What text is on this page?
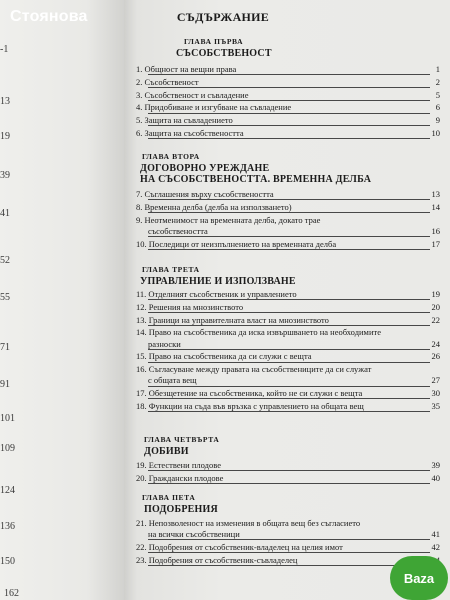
-1
13
19
39
41
52
55
71
91
101
109
124
136
150
162
Стоянова	СЪДЪРЖАНИЕ
ГЛАВА ПЪРВА
СЪСОБСТВЕНОСТ
1. Общност на вещни права	1
2. Съсобственост	2
3. Съсобственост и съвладение	5
4. Придобиване и изгубване на съвладение	6
5. Защита на съвладението	9
6. Защита на съсобствеността	10
ГЛАВА ВТОРА
ДОГОВОРНО УРЕЖДАНЕ
НА СЪСОБСТВЕНОСТТА. ВРЕМЕННА ДЕЛБА
7. Съглашения върху съсобствеността	13
8. Временна делба (делба на използването)	14
9. Неотменимост на временната делба, докато трае
съсобствеността	16
10. Последици от неизпълнението на временната делба	17
ГЛАВА ТРЕТА
УПРАВЛЕНИЕ И ИЗПОЛЗВАНЕ
11. Отделният съсобственик и управлението	19
12. Решения на мнозинството	20
13. Граници на управителната власт на мнозинството	22
14. Право на съсобственика да иска извършването на необходимите
разноски	24
15. Право на съсобственика да си служи с вещта	26
16. Съгласуване между правата на съсобствениците да си служат
с общата вещ	27
17. Обезщетение на съсобственика, който не си служи с вещта	30
18. Функции на съда във връзка с управлението на общата вещ	35
ГЛАВА ЧЕТВЪРТА
ДОБИВИ
19. Естествени плодове	39
20. Граждански плодове	40
ГЛАВА ПЕТА
ПОДОБРЕНИЯ
21. Непозволеност на изменения в общата вещ без съгласието
на всички съсобственици	41
22. Подобрения от съсобственик-владелец на целия имот	42
23. Подобрения от съсобственик-съвладелец
Baza
